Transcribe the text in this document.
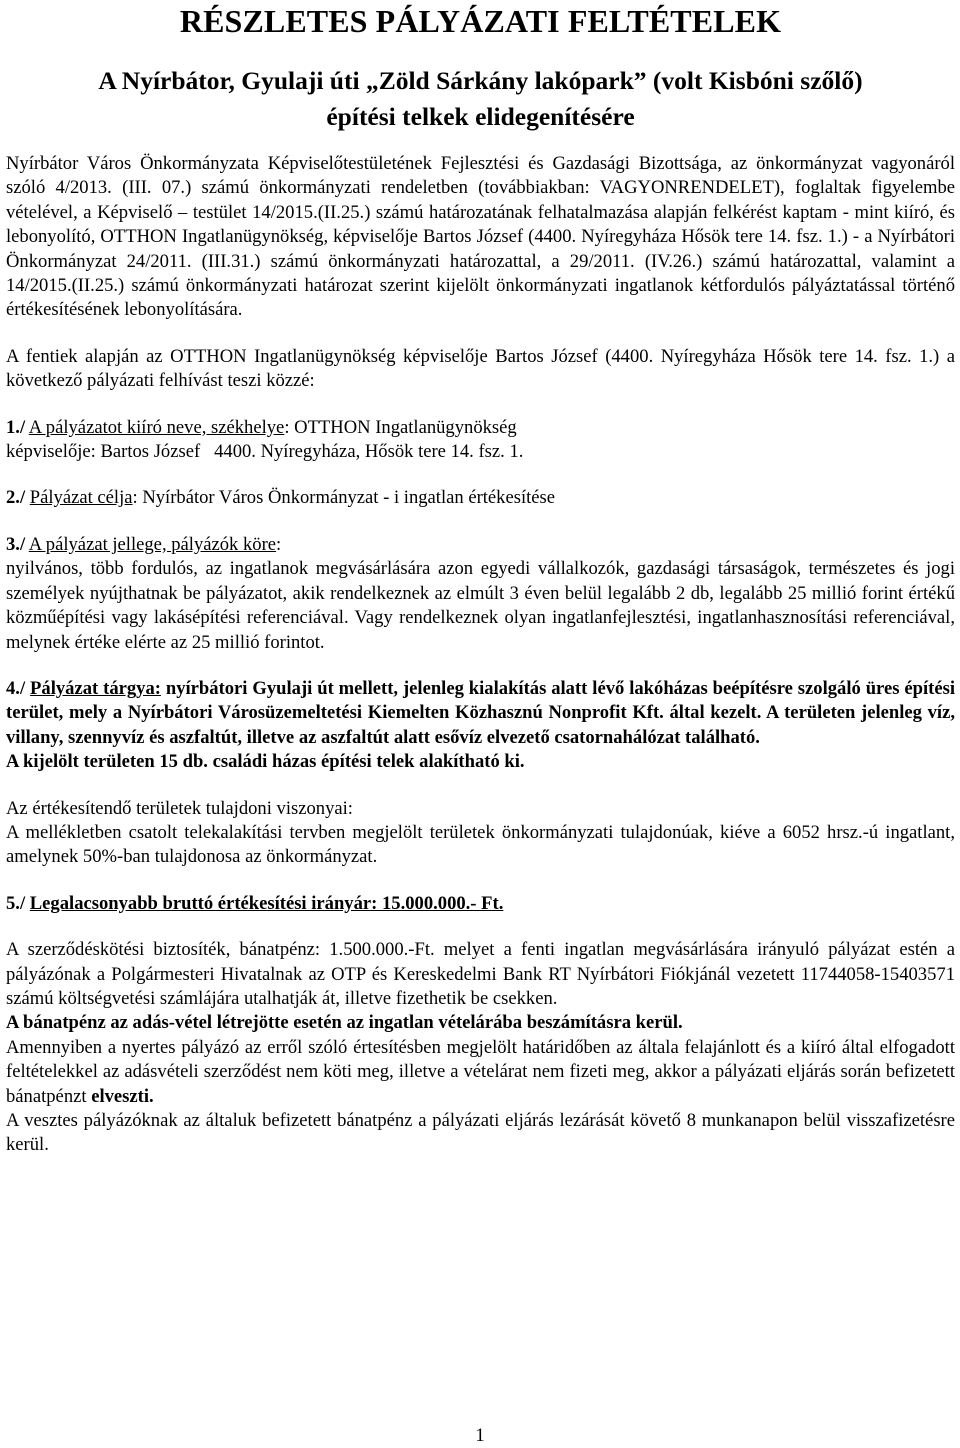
RÉSZLETES PÁLYÁZATI FELTÉTELEK
A Nyírbátor, Gyulaji úti „Zöld Sárkány lakópark” (volt Kisbóni szőlő)
építési telkek elidegenítésére

Nyírbátor Város Önkormányzata Képviselőtestületének Fejlesztési és Gazdasági Bizottsága, az önkormányzat vagyonáról szóló 4/2013. (III. 07.) számú önkormányzati rendeletben (továbbiakban: VAGYONRENDELET), foglaltak figyelembe vételével, a Képviselő – testület 14/2015.(II.25.) számú határozatának felhatalmazása alapján felkérést kaptam - mint kiíró, és lebonyolító, OTTHON Ingatlanügynökség, képviselője Bartos József (4400. Nyíregyháza Hősök tere 14. fsz. 1.) - a Nyírbátori Önkormányzat 24/2011. (III.31.) számú önkormányzati határozattal, a 29/2011. (IV.26.) számú határozattal, valamint a 14/2015.(II.25.) számú önkormányzati határozat szerint kijelölt önkormányzati ingatlanok kétfordulós pályáztatással történő értékesítésének lebonyolítására.

A fentiek alapján az OTTHON Ingatlanügynökség képviselője Bartos József (4400. Nyíregyháza Hősök tere 14. fsz. 1.) a következő pályázati felhívást teszi közzé:

1./ A pályázatot kiíró neve, székhelye: OTTHON Ingatlanügynökség

képviselője: Bartos József   4400. Nyíregyháza, Hősök tere 14. fsz. 1.

2./ Pályázat célja: Nyírbátor Város Önkormányzat - i ingatlan értékesítése

3./ A pályázat jellege, pályázók köre:

nyilvános, több fordulós, az ingatlanok megvásárlására azon egyedi vállalkozók, gazdasági társaságok, természetes és jogi személyek nyújthatnak be pályázatot, akik rendelkeznek az elmúlt 3 éven belül legalább 2 db, legalább 25 millió forint értékű közműépítési vagy lakásépítési referenciával. Vagy rendelkeznek olyan ingatlanfejlesztési, ingatlanhasznosítási referenciával, melynek értéke elérte az 25 millió forintot.

4./ Pályázat tárgya: nyírbátori Gyulaji út mellett, jelenleg kialakítás alatt lévő lakóházas beépítésre szolgáló üres építési terület, mely a Nyírbátori Városüzemeltetési Kiemelten Közhasznú Nonprofit Kft. által kezelt. A területen jelenleg víz, villany, szennyvíz és aszfaltút, illetve az aszfaltút alatt esővíz elvezető csatornahálózat található.

A kijelölt területen 15 db. családi házas építési telek alakítható ki.

Az értékesítendő területek tulajdoni viszonyai:

A mellékletben csatolt telekalakítási tervben megjelölt területek önkormányzati tulajdonúak, kiéve a 6052 hrsz.-ú ingatlant, amelynek 50%-ban tulajdonosa az önkormányzat.

5./ Legalacsonyabb bruttó értékesítési irányár: 15.000.000.- Ft.

A szerződéskötési biztosíték, bánatpénz: 1.500.000.-Ft. melyet a fenti ingatlan megvásárlására irányuló pályázat estén a pályázónak a Polgármesteri Hivatalnak az OTP és Kereskedelmi Bank RT Nyírbátori Fiókjánál vezetett 11744058-15403571 számú költségvetési számlájára utalhatják át, illetve fizethetik be csekken.

A bánatpénz az adás-vétel létrejötte esetén az ingatlan vételárába beszámításra kerül.

Amennyiben a nyertes pályázó az erről szóló értesítésben megjelölt határidőben az általa felajánlott és a kiíró által elfogadott feltételekkel az adásvételi szerződést nem köti meg, illetve a vételárat nem fizeti meg, akkor a pályázati eljárás során befizetett bánatpénzt elveszti.

A vesztes pályázóknak az általuk befizetett bánatpénz a pályázati eljárás lezárását követő 8 munkanapon belül visszafizetésre kerül.

1
